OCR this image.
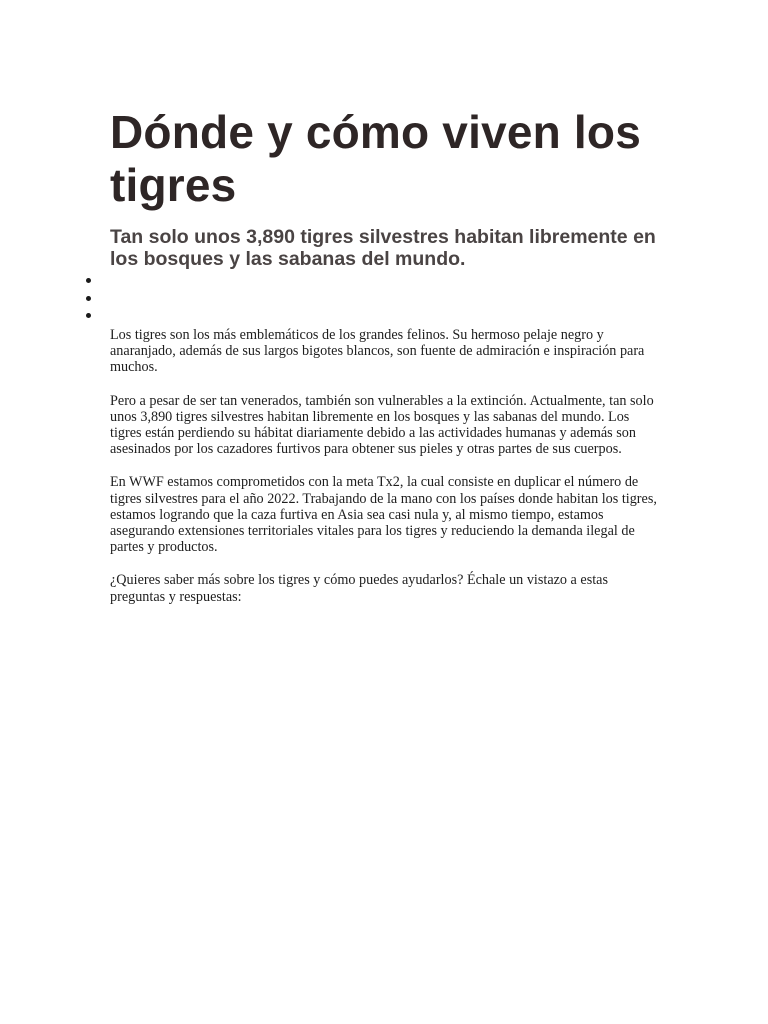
Dónde y cómo viven los tigres
Tan solo unos 3,890 tigres silvestres habitan libremente en los bosques y las sabanas del mundo.

Los tigres son los más emblemáticos de los grandes felinos. Su hermoso pelaje negro y anaranjado, además de sus largos bigotes blancos, son fuente de admiración e inspiración para muchos.

Pero a pesar de ser tan venerados, también son vulnerables a la extinción. Actualmente, tan solo unos 3,890 tigres silvestres habitan libremente en los bosques y las sabanas del mundo. Los tigres están perdiendo su hábitat diariamente debido a las actividades humanas y además son asesinados por los cazadores furtivos para obtener sus pieles y otras partes de sus cuerpos.

En WWF estamos comprometidos con la meta Tx2, la cual consiste en duplicar el número de tigres silvestres para el año 2022. Trabajando de la mano con los países donde habitan los tigres, estamos logrando que la caza furtiva en Asia sea casi nula y, al mismo tiempo, estamos asegurando extensiones territoriales vitales para los tigres y reduciendo la demanda ilegal de partes y productos.

¿Quieres saber más sobre los tigres y cómo puedes ayudarlos? Échale un vistazo a estas preguntas y respuestas:
